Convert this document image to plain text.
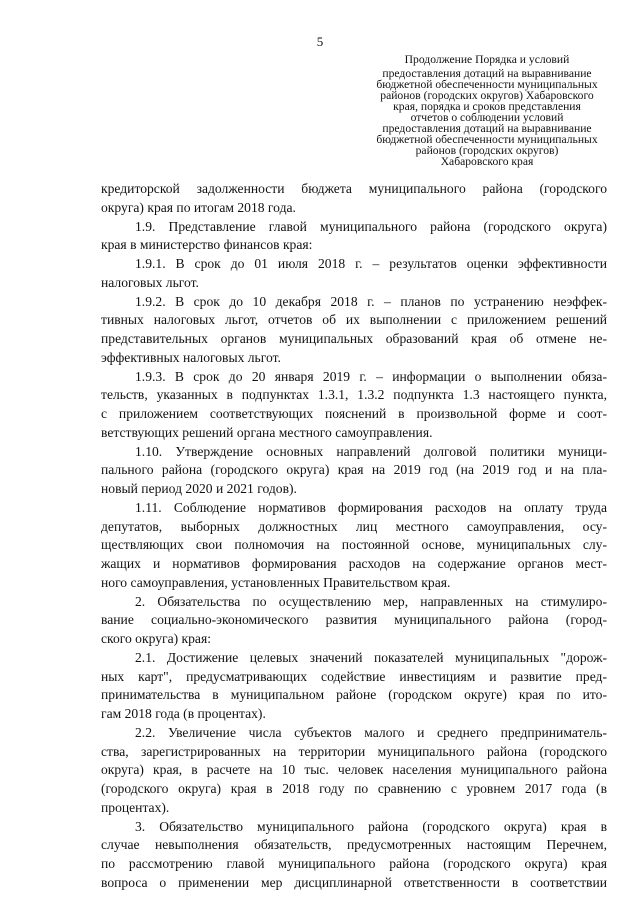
5
Продолжение Порядка и условий
предоставления дотаций на выравнивание
бюджетной обеспеченности муниципальных
районов (городских округов) Хабаровского
края, порядка и сроков представления
отчетов о соблюдении условий
предоставления дотаций на выравнивание
бюджетной обеспеченности муниципальных
районов (городских округов)
Хабаровского края
кредиторской задолженности бюджета муниципального района (городского
округа) края по итогам 2018 года.
1.9. Представление главой муниципального района (городского округа)
края в министерство финансов края:
1.9.1. В срок до 01 июля 2018 г. – результатов оценки эффективности
налоговых льгот.
1.9.2. В срок до 10 декабря 2018 г. – планов по устранению неэффек-
тивных налоговых льгот, отчетов об их выполнении с приложением решений
представительных органов муниципальных образований края об отмене не-
эффективных налоговых льгот.
1.9.3. В срок до 20 января 2019 г. – информации о выполнении обяза-
тельств, указанных в подпунктах 1.3.1, 1.3.2 подпункта 1.3 настоящего пункта,
с приложением соответствующих пояснений в произвольной форме и соот-
ветствующих решений органа местного самоуправления.
1.10. Утверждение основных направлений долговой политики муници-
пального района (городского округа) края на 2019 год (на 2019 год и на пла-
новый период 2020 и 2021 годов).
1.11. Соблюдение нормативов формирования расходов на оплату труда
депутатов, выборных должностных лиц местного самоуправления, осу-
ществляющих свои полномочия на постоянной основе, муниципальных слу-
жащих и нормативов формирования расходов на содержание органов мест-
ного самоуправления, установленных Правительством края.
2. Обязательства по осуществлению мер, направленных на стимулиро-
вание социально-экономического развития муниципального района (город-
ского округа) края:
2.1. Достижение целевых значений показателей муниципальных "дорож-
ных карт", предусматривающих содействие инвестициям и развитие пред-
принимательства в муниципальном районе (городском округе) края по ито-
гам 2018 года (в процентах).
2.2. Увеличение числа субъектов малого и среднего предприниматель-
ства, зарегистрированных на территории муниципального района (городского
округа) края, в расчете на 10 тыс. человек населения муниципального района
(городского округа) края в 2018 году по сравнению с уровнем 2017 года (в
процентах).
3. Обязательство муниципального района (городского округа) края в
случае невыполнения обязательств, предусмотренных настоящим Перечнем,
по рассмотрению главой муниципального района (городского округа) края
вопроса о применении мер дисциплинарной ответственности в соответствии
